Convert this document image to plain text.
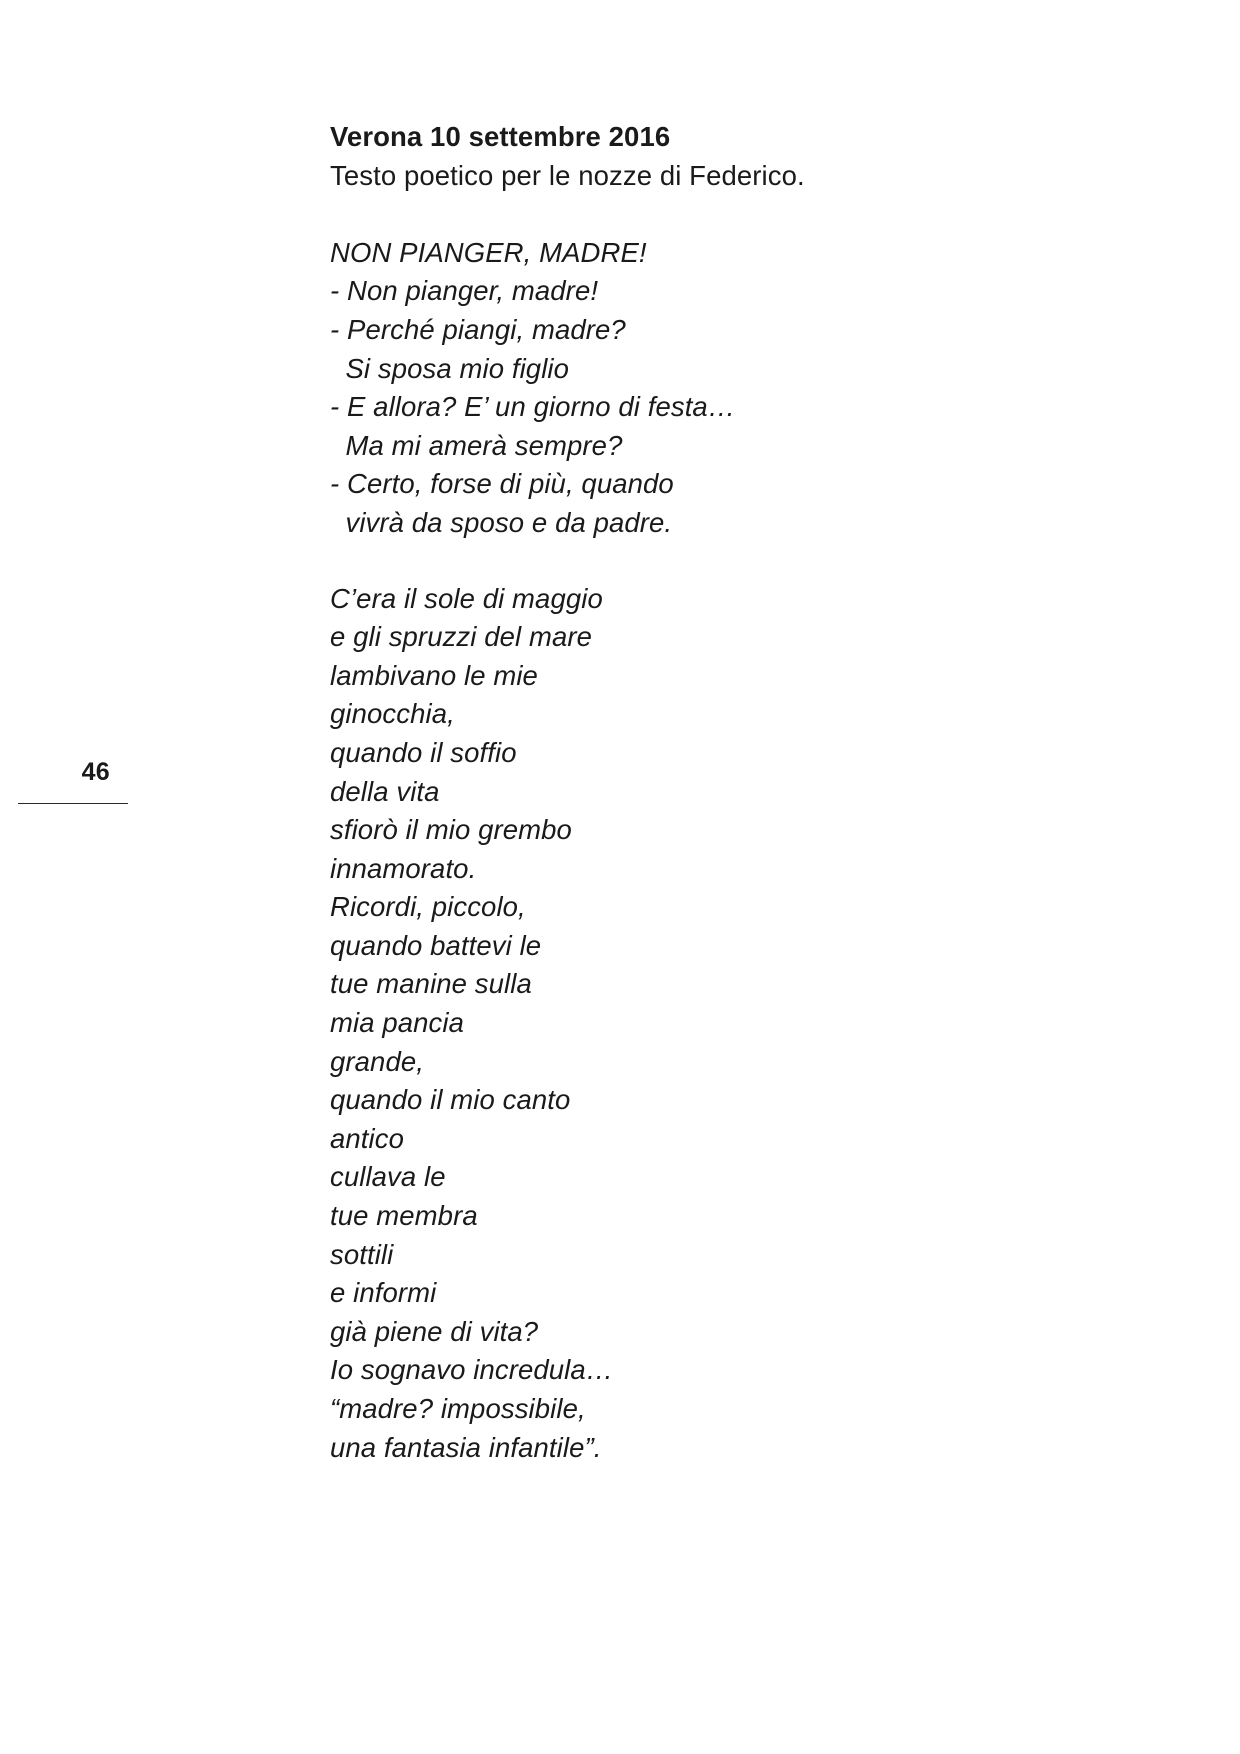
46
Verona 10 settembre 2016
Testo poetico per le nozze di Federico.
NON PIANGER, MADRE!
- Non pianger, madre!
- Perché piangi, madre?
Si sposa mio figlio
- E allora? E’ un giorno di festa…
Ma mi amerà sempre?
- Certo, forse di più, quando
vivrà da sposo e da padre.
C’era il sole di maggio
e gli spruzzi del mare
lambivano le mie
ginocchia,
quando il soffio
della vita
sfiorò il mio grembo
innamorato.
Ricordi, piccolo,
quando battevi le
tue manine sulla
mia pancia
grande,
quando il mio canto
antico
cullava le
tue membra
sottili
e informi
già piene di vita?
Io sognavo incredula…
“madre? impossibile,
una fantasia infantile”.
